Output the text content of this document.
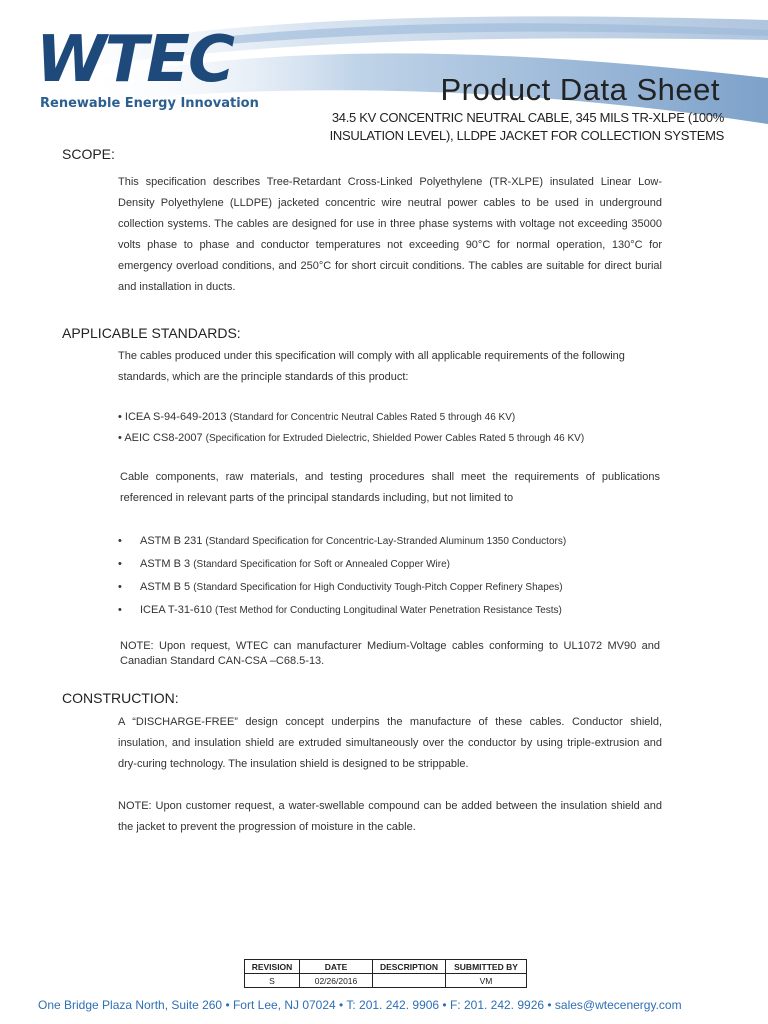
WTEC
Renewable Energy Innovation	Product Data Sheet
34.5 KV CONCENTRIC NEUTRAL CABLE, 345 MILS TR-XLPE (100% INSULATION LEVEL), LLDPE JACKET FOR COLLECTION SYSTEMS
SCOPE:
This specification describes Tree-Retardant Cross-Linked Polyethylene (TR-XLPE) insulated Linear Low-Density Polyethylene (LLDPE) jacketed concentric wire neutral power cables to be used in underground collection systems. The cables are designed for use in three phase systems with voltage not exceeding 35000 volts phase to phase and conductor temperatures not exceeding 90°C for normal operation, 130°C for emergency overload conditions, and 250°C for short circuit conditions. The cables are suitable for direct burial and installation in ducts.
APPLICABLE STANDARDS:
The cables produced under this specification will comply with all applicable requirements of the following standards, which are the principle standards of this product:
• ICEA S-94-649-2013 (Standard for Concentric Neutral Cables Rated 5 through 46 KV)
• AEIC CS8-2007 (Specification for Extruded Dielectric, Shielded Power Cables Rated 5 through 46 KV)
Cable components, raw materials, and testing procedures shall meet the requirements of publications referenced in relevant parts of the principal standards including, but not limited to
• ASTM B 231 (Standard Specification for Concentric-Lay-Stranded Aluminum 1350 Conductors)
• ASTM B 3 (Standard Specification for Soft or Annealed Copper Wire)
• ASTM B 5 (Standard Specification for High Conductivity Tough-Pitch Copper Refinery Shapes)
• ICEA T-31-610 (Test Method for Conducting Longitudinal Water Penetration Resistance Tests)
NOTE: Upon request, WTEC can manufacturer Medium-Voltage cables conforming to UL1072 MV90 and Canadian Standard CAN-CSA –C68.5-13.
CONSTRUCTION:
A “DISCHARGE-FREE” design concept underpins the manufacture of these cables. Conductor shield, insulation, and insulation shield are extruded simultaneously over the conductor by using triple-extrusion and dry-curing technology. The insulation shield is designed to be strippable.
NOTE: Upon customer request, a water-swellable compound can be added between the insulation shield and the jacket to prevent the progression of moisture in the cable.
REVISION	DATE	DESCRIPTION	SUBMITTED BY
S	02/26/2016		VM
One Bridge Plaza North, Suite 260 • Fort Lee, NJ 07024 • T: 201. 242. 9906 • F: 201. 242. 9926 • sales@wtecenergy.com
